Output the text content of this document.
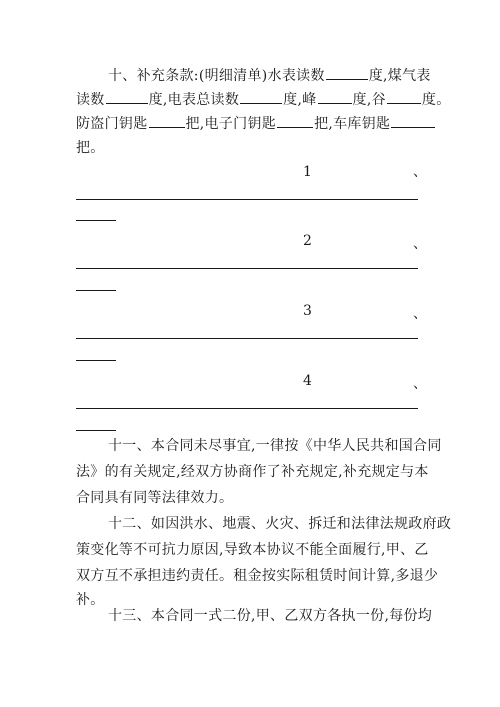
十、补充条款:(明细清单)水表读数	度,煤气表
读数	度,电表总读数	度,峰	度,谷	度。
防盗门钥匙	把,电子门钥匙	把,车库钥匙
把。
1	、
2	、
3	、
4	、
十一、本合同未尽事宜,一律按《中华人民共和国合同
法》的有关规定,经双方协商作了补充规定,补充规定与本
合同具有同等法律效力。
十二、如因洪水、地震、火灾、拆迁和法律法规政府政
策变化等不可抗力原因,导致本协议不能全面履行,甲、乙
双方互不承担违约责任。租金按实际租赁时间计算,多退少
补。
十三、本合同一式二份,甲、乙双方各执一份,每份均
